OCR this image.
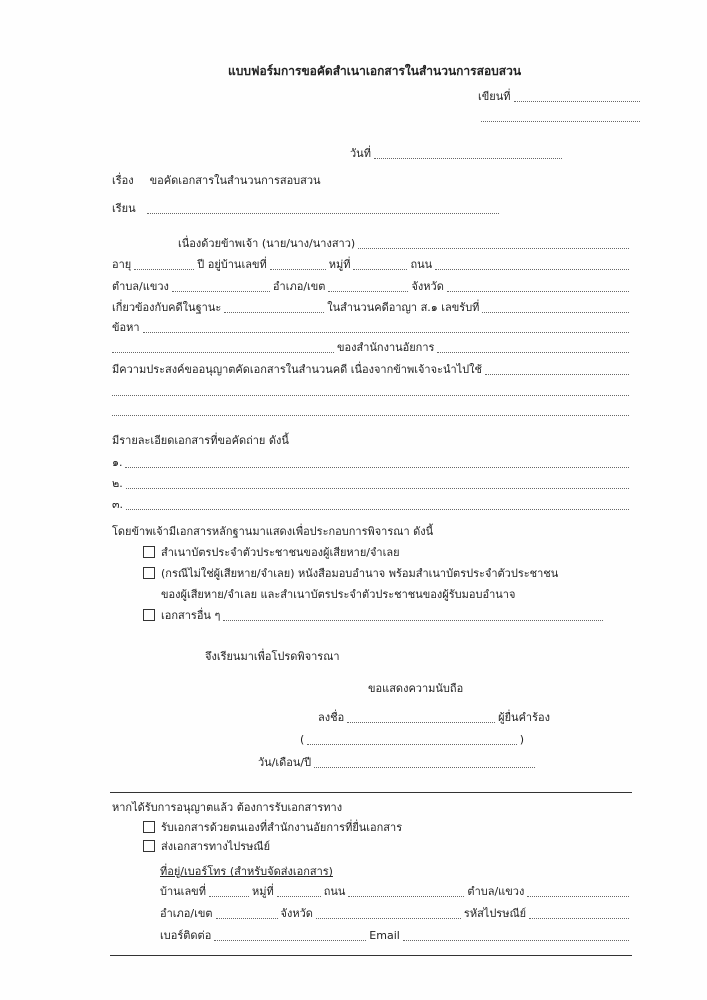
แบบฟอร์มการขอคัดสำเนาเอกสารในสำนวนการสอบสวน
เขียนที่
วันที่
เรื่อง ขอคัดเอกสารในสำนวนการสอบสวน
เรียน
เนื่องด้วยข้าพเจ้า (นาย/นาง/นางสาว)
อายุ	ปี อยู่บ้านเลขที่	หมู่ที่	ถนน
ตำบล/แขวง	อำเภอ/เขต	จังหวัด
เกี่ยวข้องกับคดีในฐานะ	ในสำนวนคดีอาญา ส.๑ เลขรับที่
ข้อหา
ของสำนักงานอัยการ
มีความประสงค์ขออนุญาตคัดเอกสารในสำนวนคดี เนื่องจากข้าพเจ้าจะนำไปใช้
มีรายละเอียดเอกสารที่ขอคัดถ่าย ดังนี้
๑.
๒.
๓.
โดยข้าพเจ้ามีเอกสารหลักฐานมาแสดงเพื่อประกอบการพิจารณา ดังนี้
สำเนาบัตรประจำตัวประชาชนของผู้เสียหาย/จำเลย
(กรณีไม่ใช่ผู้เสียหาย/จำเลย) หนังสือมอบอำนาจ พร้อมสำเนาบัตรประจำตัวประชาชน
ของผู้เสียหาย/จำเลย และสำเนาบัตรประจำตัวประชาชนของผู้รับมอบอำนาจ
เอกสารอื่น ๆ
จึงเรียนมาเพื่อโปรดพิจารณา
ขอแสดงความนับถือ
ลงชื่อ	ผู้ยื่นคำร้อง
(	)
วัน/เดือน/ปี
หากได้รับการอนุญาตแล้ว ต้องการรับเอกสารทาง
รับเอกสารด้วยตนเองที่สำนักงานอัยการที่ยื่นเอกสาร
ส่งเอกสารทางไปรษณีย์
ที่อยู่/เบอร์โทร (สำหรับจัดส่งเอกสาร)
บ้านเลขที่	หมู่ที่	ถนน	ตำบล/แขวง
อำเภอ/เขต	จังหวัด	รหัสไปรษณีย์
เบอร์ติดต่อ	Email
